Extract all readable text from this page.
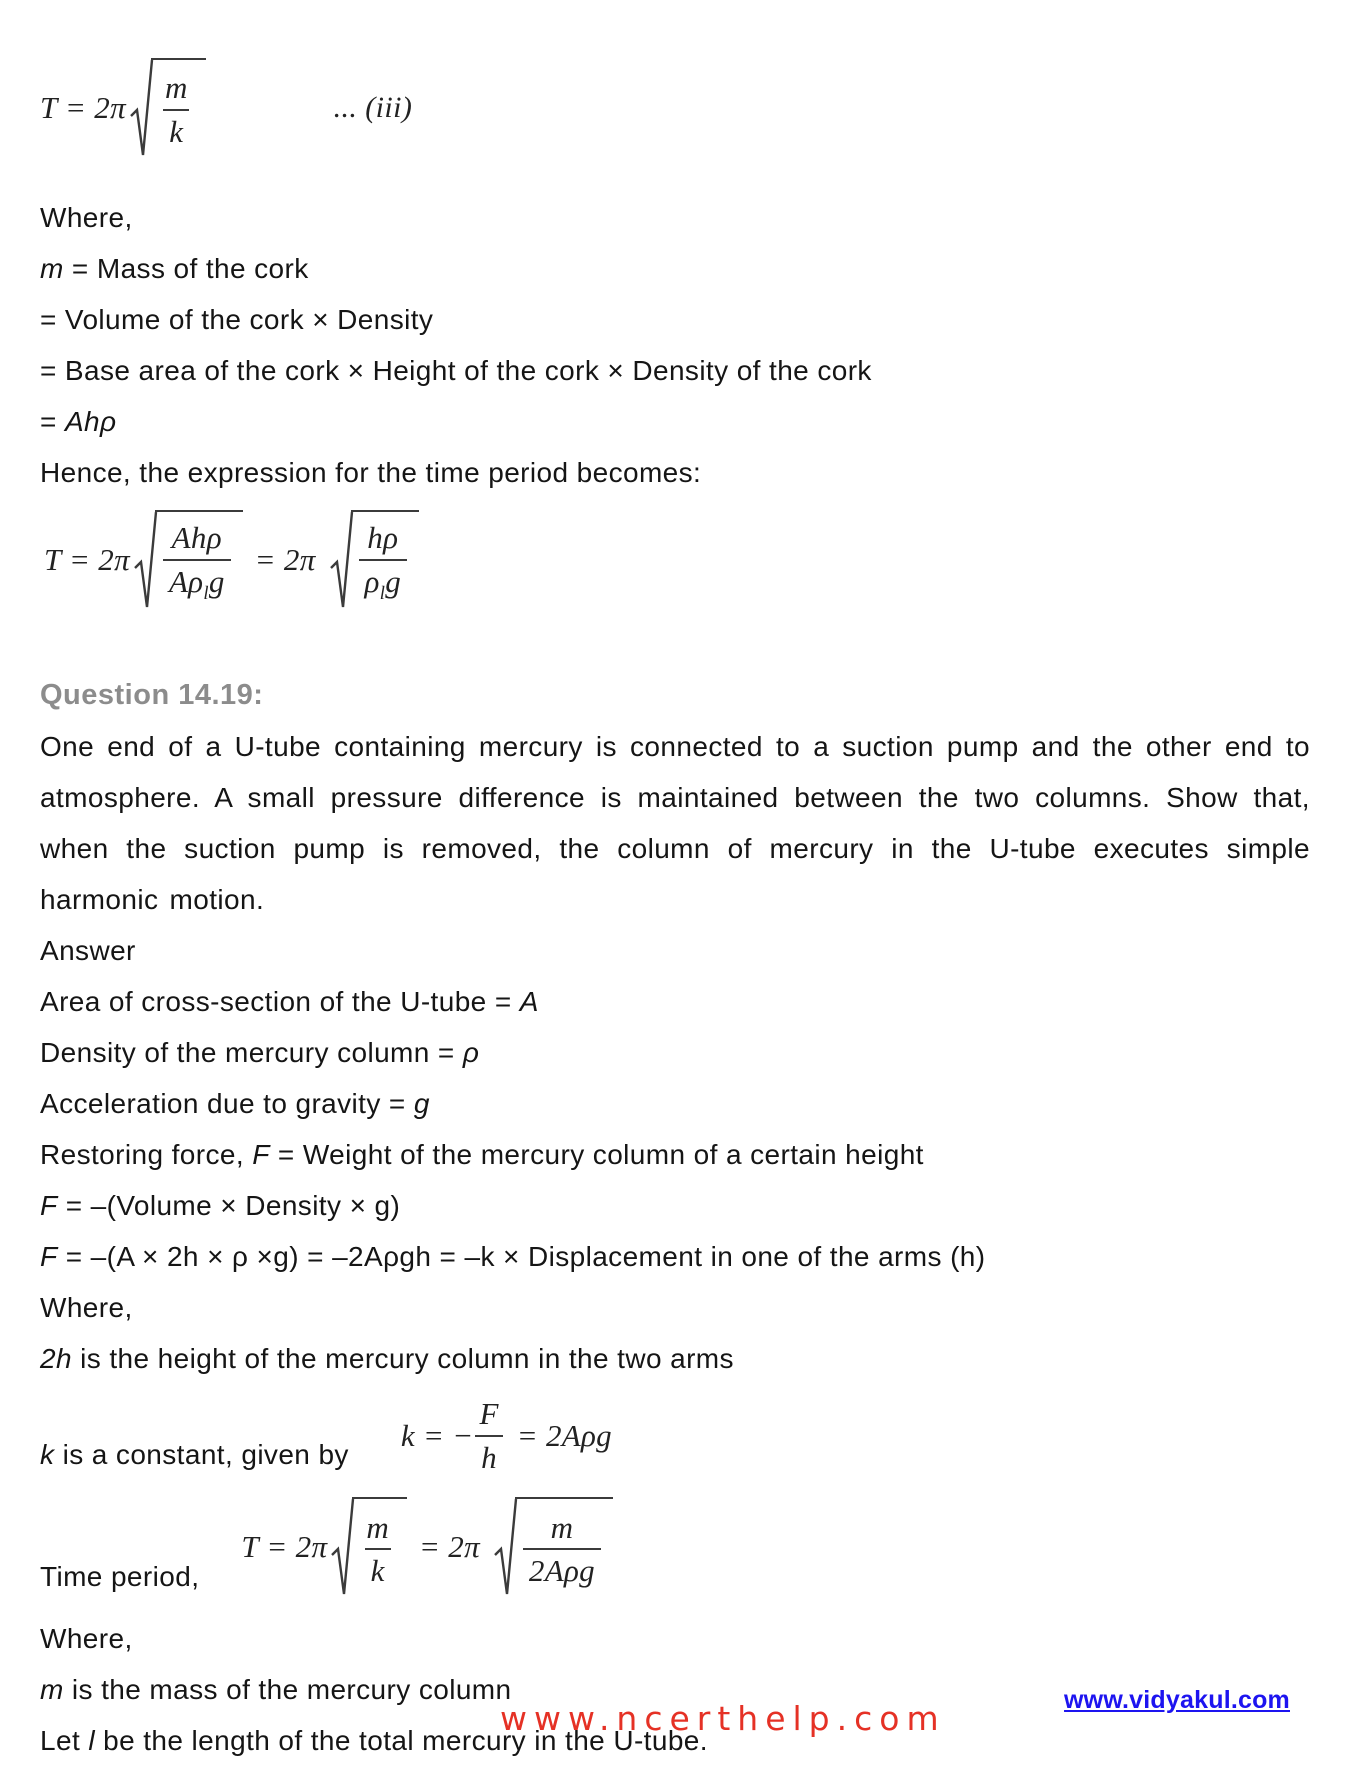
$T = 2\pi \frac{m}{k}$	... (iii)

Where,

m = Mass of the cork

= Volume of the cork × Density

= Base area of the cork × Height of the cork × Density of the cork

= Ahρ

Hence, the expression for the time period becomes:

$T = 2\pi \frac{\text{Ahρ}}{A\rho_lg} = 2\pi \frac{h\rho}{\rho_lg}$

Question 14.19:

One end of a U-tube containing mercury is connected to a suction pump and the other end to atmosphere. A small pressure difference is maintained between the two columns. Show that, when the suction pump is removed, the column of mercury in the U-tube executes simple harmonic motion.

Answer

Area of cross-section of the U-tube = A

Density of the mercury column = ρ

Acceleration due to gravity = g

Restoring force, F = Weight of the mercury column of a certain height

F = –(Volume × Density × g)

F = –(A × 2h × ρ ×g) = –2Aρgh = –k × Displacement in one of the arms (h)

Where,

2h is the height of the mercury column in the two arms

k is a constant, given by
k = − $\frac{F}{h} = 2A\rho g$
Time period,
$T = 2\pi \frac{m}{k} = 2\pi \frac{m}{\text{2Aρg}}$

Where,

m is the mass of the mercury column

Let l be the length of the total mercury in the U-tube.

www.vidyakul.com
www.ncerthelp.com
